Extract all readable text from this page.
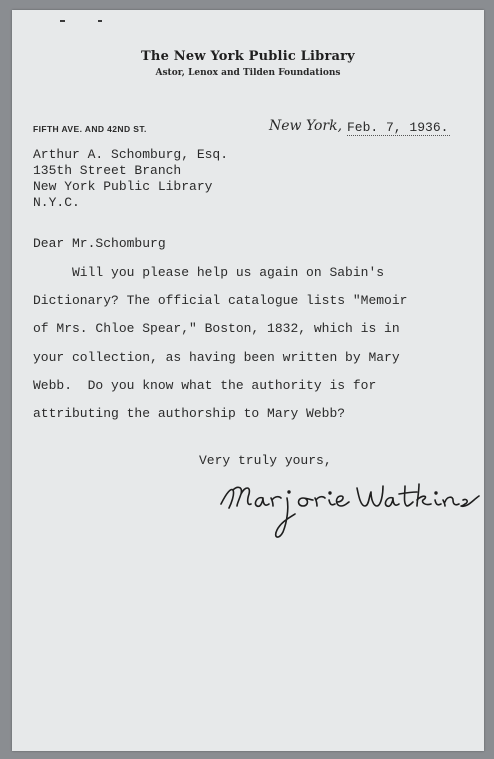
The New York Public Library
Astor, Lenox and Tilden Foundations
FIFTH AVE. AND 42ND ST.	New York, Feb. 7, 1936.
Arthur A. Schomburg, Esq.
135th Street Branch
New York Public Library
N.Y.C.
Dear Mr.Schomburg
Will you please help us again on Sabin's
Dictionary? The official catalogue lists "Memoir
of Mrs. Chloe Spear," Boston, 1832, which is in
your collection, as having been written by Mary
Webb.  Do you know what the authority is for
attributing the authorship to Mary Webb?
Very truly yours,
